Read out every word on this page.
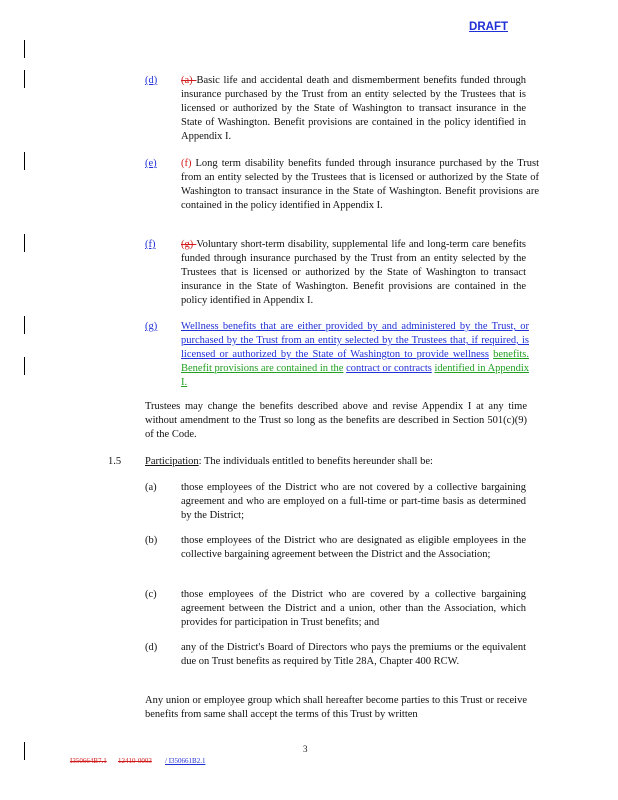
DRAFT
(d)	(a) Basic life and accidental death and dismemberment benefits funded through insurance purchased by the Trust from an entity selected by the Trustees that is licensed or authorized by the State of Washington to transact insurance in the State of Washington. Benefit provisions are contained in the policy identified in Appendix I.
(e)	(f) Long term disability benefits funded through insurance purchased by the Trust from an entity selected by the Trustees that is licensed or authorized by the State of Washington to transact insurance in the State of Washington. Benefit provisions are contained in the policy identified in Appendix I.
(f)	(g) Voluntary short-term disability, supplemental life and long-term care benefits funded through insurance purchased by the Trust from an entity selected by the Trustees that is licensed or authorized by the State of Washington to transact insurance in the State of Washington. Benefit provisions are contained in the policy identified in Appendix I.
(g)	Wellness benefits that are either provided by and administered by the Trust, or purchased by the Trust from an entity selected by the Trustees that, if required, is licensed or authorized by the State of Washington to provide wellness benefits. Benefit provisions are contained in the contract or contracts identified in Appendix I.
Trustees may change the benefits described above and revise Appendix I at any time without amendment to the Trust so long as the benefits are described in Section 501(c)(9) of the Code.
1.5 Participation: The individuals entitled to benefits hereunder shall be:
(a)	those employees of the District who are not covered by a collective bargaining agreement and who are employed on a full-time or part-time basis as determined by the District;
(b)	those employees of the District who are designated as eligible employees in the collective bargaining agreement between the District and the Association;
(c)	those employees of the District who are covered by a collective bargaining agreement between the District and a union, other than the Association, which provides for participation in Trust benefits; and
(d)	any of the District's Board of Directors who pays the premiums or the equivalent due on Trust benefits as required by Title 28A, Chapter 400 RCW.
Any union or employee group which shall hereafter become parties to this Trust or receive benefits from same shall accept the terms of this Trust by written
3
I350664B7.1 12410-0003 / I350661B2.1
